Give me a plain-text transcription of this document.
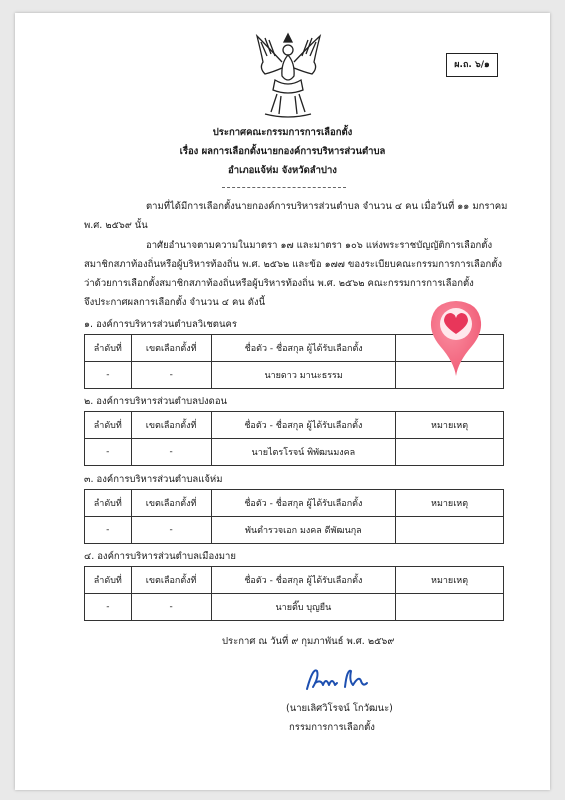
ผ.ถ. ๖/๑
ประกาศคณะกรรมการการเลือกตั้ง
เรื่อง ผลการเลือกตั้งนายกองค์การบริหารส่วนตำบล
อำเภอแจ้ห่ม จังหวัดลำปาง
ตามที่ได้มีการเลือกตั้งนายกองค์การบริหารส่วนตำบล จำนวน ๔ คน เมื่อวันที่ ๑๑ มกราคม
พ.ศ. ๒๕๖๙ นั้น
อาศัยอำนาจตามความในมาตรา ๑๗ และมาตรา ๑๐๖ แห่งพระราชบัญญัติการเลือกตั้ง
สมาชิกสภาท้องถิ่นหรือผู้บริหารท้องถิ่น พ.ศ. ๒๕๖๒ และข้อ ๑๗๗ ของระเบียบคณะกรรมการการเลือกตั้ง
ว่าด้วยการเลือกตั้งสมาชิกสภาท้องถิ่นหรือผู้บริหารท้องถิ่น พ.ศ. ๒๕๖๒ คณะกรรมการการเลือกตั้ง
จึงประกาศผลการเลือกตั้ง จำนวน ๔ คน ดังนี้
๑. องค์การบริหารส่วนตำบลวิเชตนคร
ลำดับที่	เขตเลือกตั้งที่	ชื่อตัว - ชื่อสกุล ผู้ได้รับเลือกตั้ง	
-	-	นายดาว มานะธรรม	
๒. องค์การบริหารส่วนตำบลปงดอน
ลำดับที่	เขตเลือกตั้งที่	ชื่อตัว - ชื่อสกุล ผู้ได้รับเลือกตั้ง	หมายเหตุ
-	-	นายไตรโรจน์ พิพัฒนมงคล	
๓. องค์การบริหารส่วนตำบลแจ้ห่ม
ลำดับที่	เขตเลือกตั้งที่	ชื่อตัว - ชื่อสกุล ผู้ได้รับเลือกตั้ง	หมายเหตุ
-	-	พันตำรวจเอก มงคล ดีพัฒนกุล	
๔. องค์การบริหารส่วนตำบลเมืองมาย
ลำดับที่	เขตเลือกตั้งที่	ชื่อตัว - ชื่อสกุล ผู้ได้รับเลือกตั้ง	หมายเหตุ
-	-	นายติ๊บ บุญยืน	
ประกาศ ณ วันที่ ๙ กุมภาพันธ์ พ.ศ. ๒๕๖๙
(นายเลิศวิโรจน์ โกวัฒนะ)
กรรมการการเลือกตั้ง
